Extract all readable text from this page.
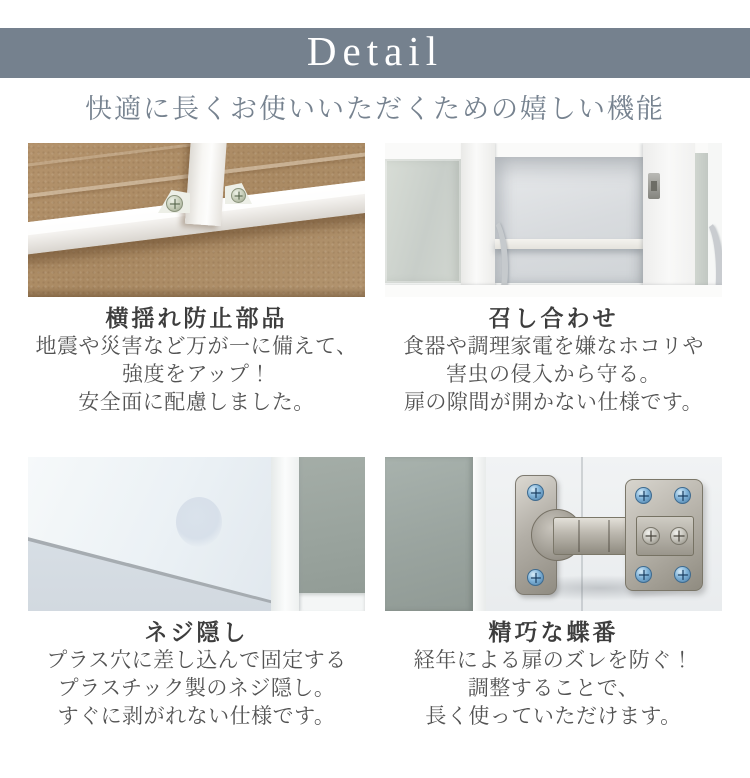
Detail
快適に長くお使いいただくための嬉しい機能
横揺れ防止部品

地震や災害など万が一に備えて、

強度をアップ！

安全面に配慮しました。

召し合わせ

食器や調理家電を嫌なホコリや

害虫の侵入から守る。

扉の隙間が開かない仕様です。

ネジ隠し

プラス穴に差し込んで固定する

プラスチック製のネジ隠し。

すぐに剥がれない仕様です。

精巧な蝶番

経年による扉のズレを防ぐ！

調整することで、

長く使っていただけます。
